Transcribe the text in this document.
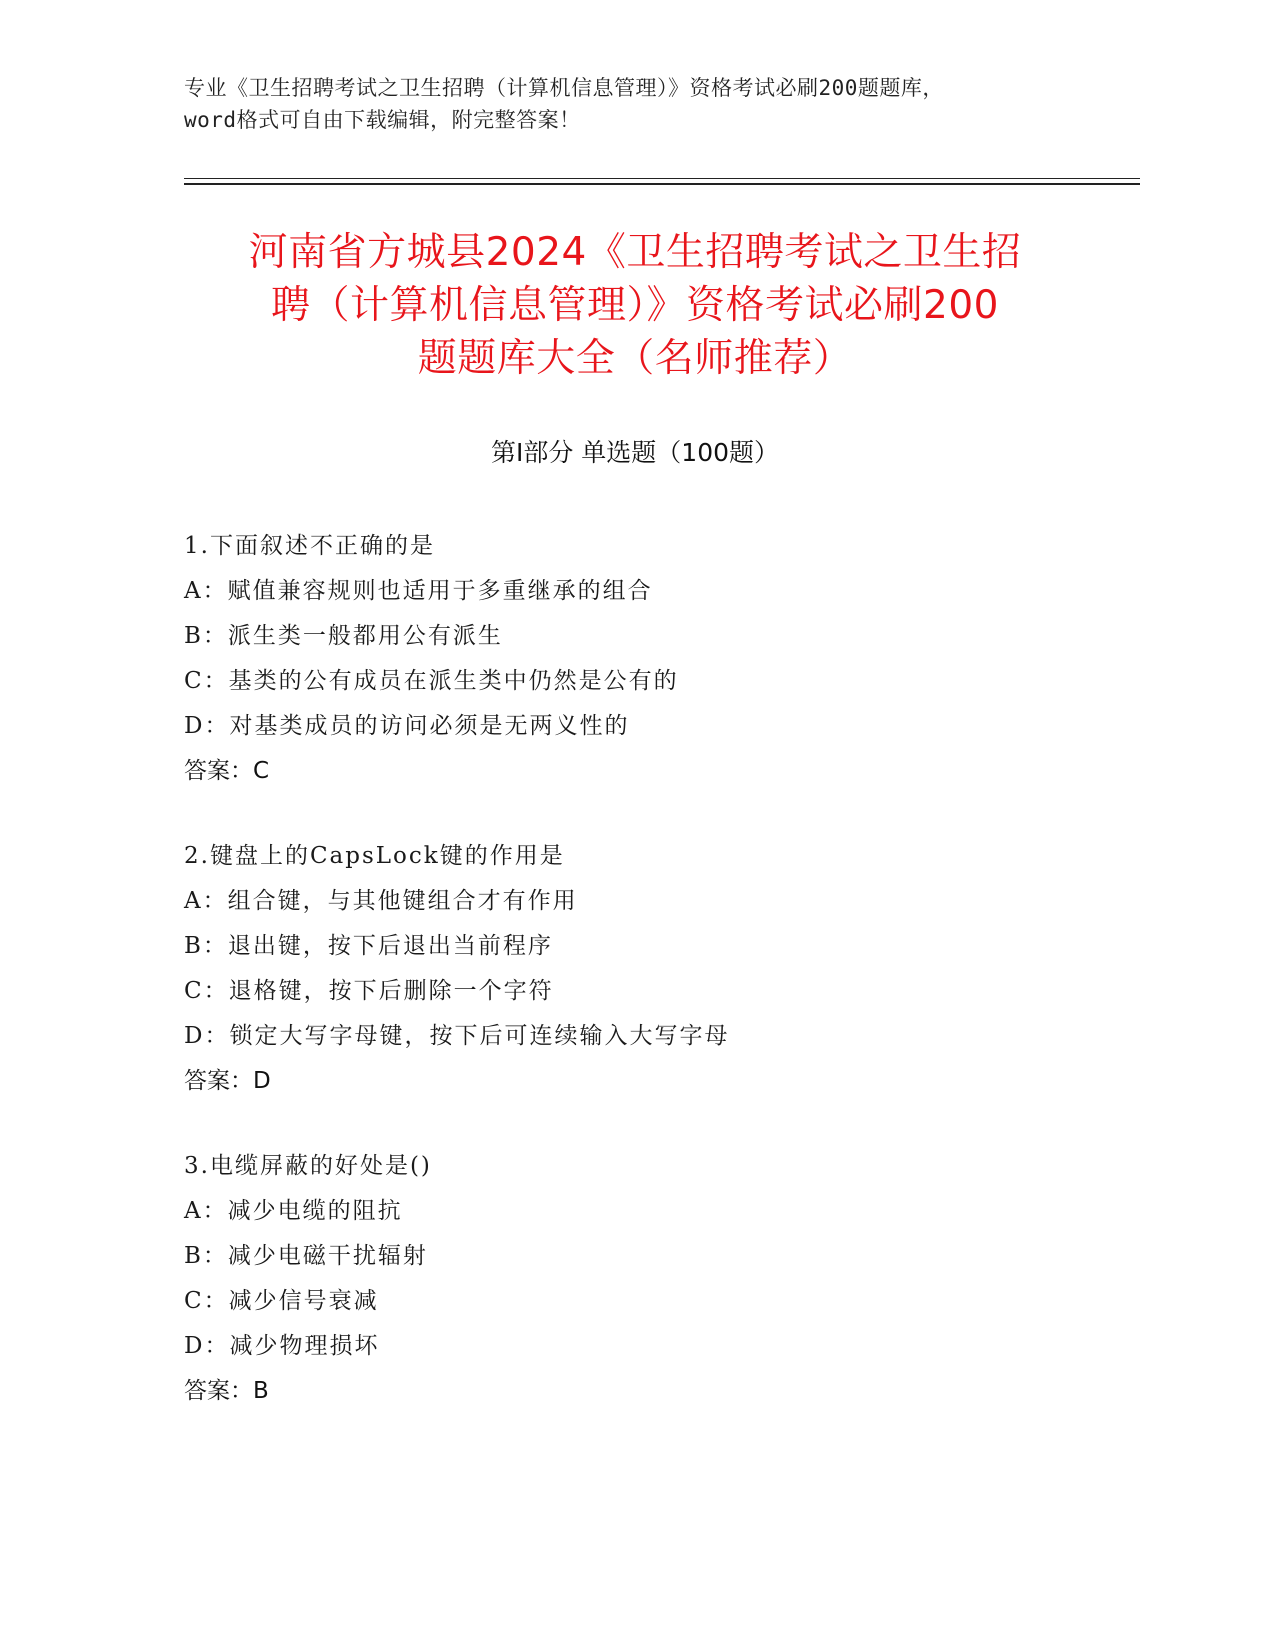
专业《卫生招聘考试之卫生招聘（计算机信息管理）》资格考试必刷200题题库，
word格式可自由下载编辑，附完整答案！
河南省方城县2024《卫生招聘考试之卫生招
聘（计算机信息管理）》资格考试必刷200
题题库大全（名师推荐）
第Ⅰ部分 单选题（100题）
1.下面叙述不正确的是
A：赋值兼容规则也适用于多重继承的组合
B：派生类一般都用公有派生
C：基类的公有成员在派生类中仍然是公有的
D：对基类成员的访问必须是无两义性的
答案：C
2.键盘上的CapsLock键的作用是
A：组合键，与其他键组合才有作用
B：退出键，按下后退出当前程序
C：退格键，按下后删除一个字符
D：锁定大写字母键，按下后可连续输入大写字母
答案：D
3.电缆屏蔽的好处是()
A：减少电缆的阻抗
B：减少电磁干扰辐射
C：减少信号衰减
D：减少物理损坏
答案：B
